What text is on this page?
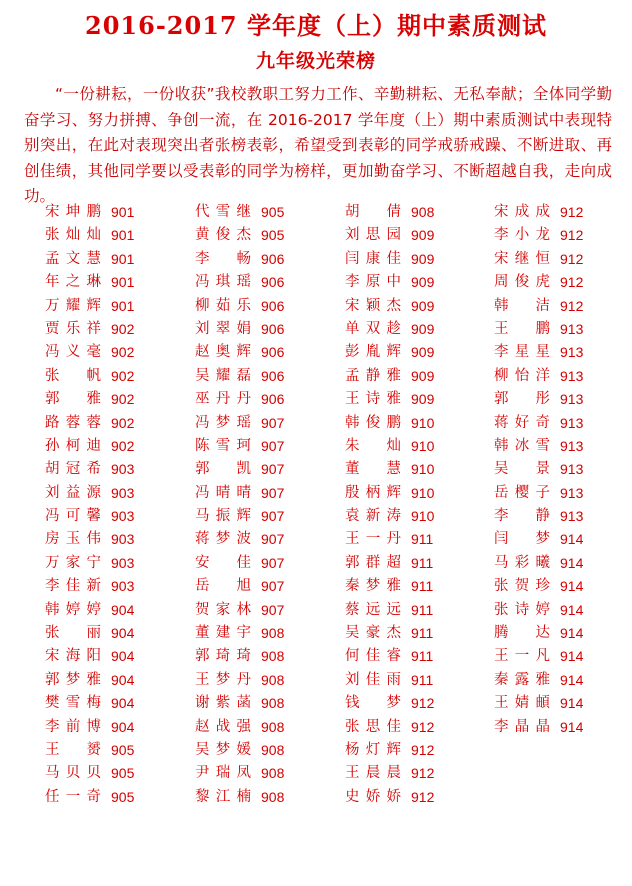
2016-2017 学年度（上）期中素质测试
九年级光荣榜

“一份耕耘，一份收获”我校教职工努力工作、辛勤耕耘、无私奉献；全体同学勤奋学习、努力拼搏、争创一流，在 2016-2017 学年度（上）期中素质测试中表现特别突出，在此对表现突出者张榜表彰，希望受到表彰的同学戒骄戒躁、不断进取、再创佳绩，其他同学要以受表彰的同学为榜样，更加勤奋学习、不断超越自我，走向成功。

宋坤鹏 901
张灿灿 901
孟文慧 901
年之琳 901
万耀辉 901
贾乐祥 902
冯义毫 902
张帆 902
郭雅 902
路蓉蓉 902
孙柯迪 902
胡冠希 903
刘益源 903
冯可馨 903
房玉伟 903
万家宁 903
李佳新 903
韩婷婷 904
张丽 904
宋海阳 904
郭梦雅 904
樊雪梅 904
李前博 904
王赟 905
马贝贝 905
任一奇 905
代雪继 905
黄俊杰 905
李畅 906
冯琪瑶 906
柳茹乐 906
刘翠娟 906
赵奥辉 906
吴耀磊 906
巫丹丹 906
冯梦瑶 907
陈雪珂 907
郭凯 907
冯晴晴 907
马振辉 907
蒋梦波 907
安佳 907
岳旭 907
贺家林 907
董建宇 908
郭琦琦 908
王梦丹 908
谢紫菡 908
赵战强 908
吴梦媛 908
尹瑞凤 908
黎江楠 908
胡倩 908
刘思园 909
闫康佳 909
李原中 909
宋颖杰 909
单双趁 909
彭胤辉 909
孟静雅 909
王诗雅 909
韩俊鹏 910
朱灿 910
董慧 910
殷柄辉 910
袁新涛 910
王一丹 911
郭群超 911
秦梦雅 911
蔡远远 911
吴豪杰 911
何佳睿 911
刘佳雨 911
钱梦 912
张思佳 912
杨灯辉 912
王晨晨 912
史娇娇 912
宋成成 912
李小龙 912
宋继恒 912
周俊虎 912
韩洁 912
王鹏 913
李星星 913
柳怡洋 913
郭彤 913
蒋好奇 913
韩冰雪 913
吴景 913
岳樱子 913
李静 913
闫梦 914
马彩曦 914
张贺珍 914
张诗婷 914
腾达 914
王一凡 914
秦露雅 914
王婧頔 914
李晶晶 914
